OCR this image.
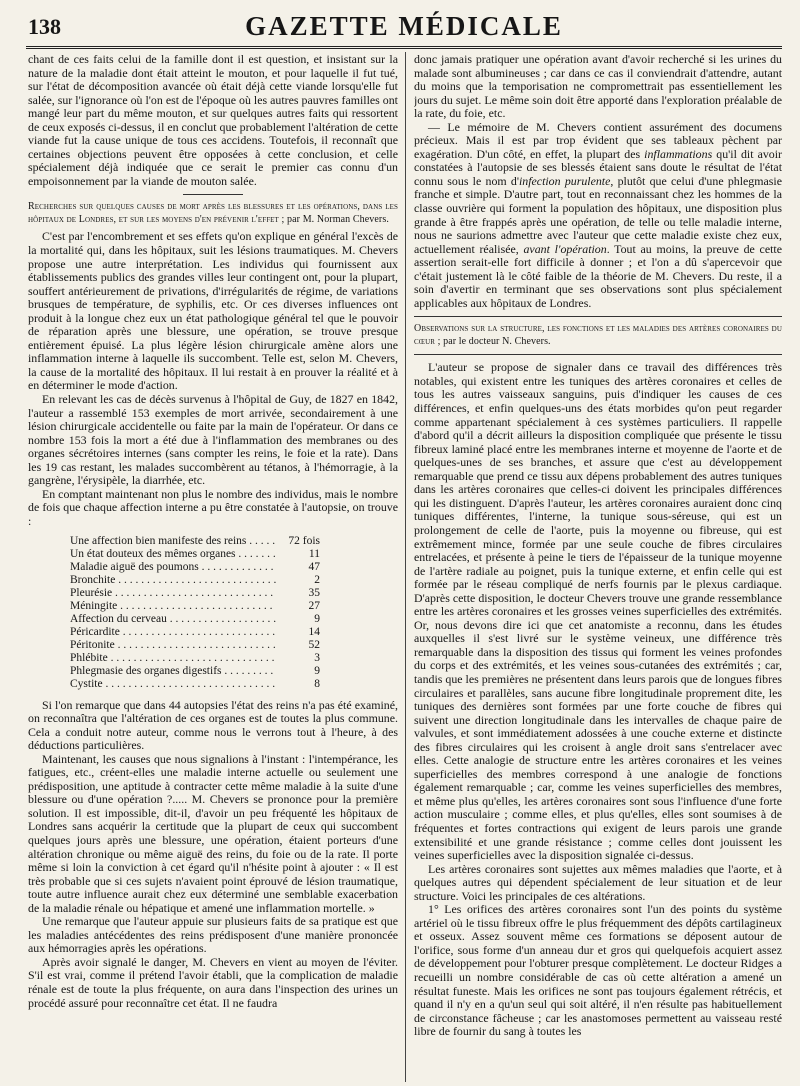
138	GAZETTE MÉDICALE

chant de ces faits celui de la famille dont il est question, et insistant sur la nature de la maladie dont était atteint le mouton, et pour laquelle il fut tué, sur l'état de décomposition avancée où était déjà cette viande lorsqu'elle fut salée, sur l'ignorance où l'on est de l'époque où les autres pauvres familles ont mangé leur part du même mouton, et sur quelques autres faits qui ressortent de ceux exposés ci-dessus, il en conclut que probablement l'altération de cette viande fut la cause unique de tous ces accidens. Toutefois, il reconnaît que certaines objections peuvent être opposées à cette conclusion, et celle spécialement déjà indiquée que ce serait le premier cas connu d'un empoisonnement par la viande de mouton salée.

Recherches sur quelques causes de mort après les blessures et les opérations, dans les hôpitaux de Londres, et sur les moyens d'en prévenir l'effet ; par M. Norman Chevers.

C'est par l'encombrement et ses effets qu'on explique en général l'excès de la mortalité qui, dans les hôpitaux, suit les lésions traumatiques. M. Chevers propose une autre interprétation. Les individus qui fournissent aux établissements publics des grandes villes leur contingent ont, pour la plupart, souffert antérieurement de privations, d'irrégularités de régime, de variations brusques de température, de syphilis, etc. Or ces diverses influences ont produit à la longue chez eux un état pathologique général tel que le pouvoir de réparation après une blessure, une opération, se trouve presque entièrement épuisé. La plus légère lésion chirurgicale amène alors une inflammation interne à laquelle ils succombent. Telle est, selon M. Chevers, la cause de la mortalité des hôpitaux. Il lui restait à en prouver la réalité et à en déterminer le mode d'action.

En relevant les cas de décès survenus à l'hôpital de Guy, de 1827 en 1842, l'auteur a rassemblé 153 exemples de mort arrivée, secondairement à une lésion chirurgicale accidentelle ou faite par la main de l'opérateur. Or dans ce nombre 153 fois la mort a été due à l'inflammation des membranes ou des organes sécrétoires internes (sans compter les reins, le foie et la rate). Dans les 19 cas restant, les malades succombèrent au tétanos, à l'hémorragie, à la gangrène, l'érysipèle, la diarrhée, etc.

En comptant maintenant non plus le nombre des individus, mais le nombre de fois que chaque affection interne a pu être constatée à l'autopsie, on trouve :

Une affection bien manifeste des reins . . .	72 fois
Un état douteux des mêmes organes . . .	11
Maladie aiguë des poumons . . .	47
Bronchite . . .	2
Pleurésie . . .	35
Méningite . . .	27
Affection du cerveau . . .	9
Péricardite . . .	14
Péritonite . . .	52
Phlébite . . .	3
Phlegmasie des organes digestifs . . .	9
Cystite . . .	8

Si l'on remarque que dans 44 autopsies l'état des reins n'a pas été examiné, on reconnaîtra que l'altération de ces organes est de toutes la plus commune. Cela a conduit notre auteur, comme nous le verrons tout à l'heure, à des déductions particulières.

Maintenant, les causes que nous signalions à l'instant : l'intempérance, les fatigues, etc., créent-elles une maladie interne actuelle ou seulement une prédisposition, une aptitude à contracter cette même maladie à la suite d'une blessure ou d'une opération ?..... M. Chevers se prononce pour la première solution. Il est impossible, dit-il, d'avoir un peu fréquenté les hôpitaux de Londres sans acquérir la certitude que la plupart de ceux qui succombent quelques jours après une blessure, une opération, étaient porteurs d'une altération chronique ou même aiguë des reins, du foie ou de la rate. Il porte même si loin la conviction à cet égard qu'il n'hésite point à ajouter : « Il est très probable que si ces sujets n'avaient point éprouvé de lésion traumatique, toute autre influence aurait chez eux déterminé une semblable exacerbation de la maladie rénale ou hépatique et amené une inflammation mortelle. »

Une remarque que l'auteur appuie sur plusieurs faits de sa pratique est que les maladies antécédentes des reins prédisposent d'une manière prononcée aux hémorragies après les opérations.

Après avoir signalé le danger, M. Chevers en vient au moyen de l'éviter. S'il est vrai, comme il prétend l'avoir établi, que la complication de maladie rénale est de toute la plus fréquente, on aura dans l'inspection des urines un procédé assuré pour reconnaître cet état. Il ne faudra

donc jamais pratiquer une opération avant d'avoir recherché si les urines du malade sont albumineuses ; car dans ce cas il conviendrait d'attendre, autant du moins que la temporisation ne compromettrait pas essentiellement les jours du sujet. Le même soin doit être apporté dans l'exploration préalable de la rate, du foie, etc.

— Le mémoire de M. Chevers contient assurément des documens précieux. Mais il est par trop évident que ses tableaux pèchent par exagération. D'un côté, en effet, la plupart des inflammations qu'il dit avoir constatées à l'autopsie de ses blessés étaient sans doute le résultat de l'état connu sous le nom d'infection purulente, plutôt que celui d'une phlegmasie franche et simple. D'autre part, tout en reconnaissant chez les hommes de la classe ouvrière qui forment la population des hôpitaux, une disposition plus grande à être frappés après une opération, de telle ou telle maladie interne, nous ne saurions admettre avec l'auteur que cette maladie existe chez eux, actuellement réalisée, avant l'opération. Tout au moins, la preuve de cette assertion serait-elle fort difficile à donner ; et l'on a dû s'apercevoir que c'était justement là le côté faible de la théorie de M. Chevers. Du reste, il a soin d'avertir en terminant que ses observations sont plus spécialement applicables aux hôpitaux de Londres.

Observations sur la structure, les fonctions et les maladies des artères coronaires du cœur ; par le docteur N. Chevers.

L'auteur se propose de signaler dans ce travail des différences très notables, qui existent entre les tuniques des artères coronaires et celles de tous les autres vaisseaux sanguins, puis d'indiquer les causes de ces différences, et enfin quelques-uns des états morbides qu'on peut regarder comme appartenant spécialement à ces systèmes particuliers. Il rappelle d'abord qu'il a décrit ailleurs la disposition compliquée que présente le tissu fibreux laminé placé entre les membranes interne et moyenne de l'aorte et de quelques-unes de ses branches, et assure que c'est au développement remarquable que prend ce tissu aux dépens probablement des autres tuniques dans les artères coronaires que celles-ci doivent les principales différences qui les distinguent. D'après l'auteur, les artères coronaires auraient donc cinq tuniques différentes, l'interne, la tunique sous-séreuse, qui est un prolongement de celle de l'aorte, puis la moyenne ou fibreuse, qui est extrêmement mince, formée par une seule couche de fibres circulaires entrelacées, et présente à peine le tiers de l'épaisseur de la tunique moyenne de l'artère radiale au poignet, puis la tunique externe, et enfin celle qui est formée par le réseau compliqué de nerfs fournis par le plexus cardiaque. D'après cette disposition, le docteur Chevers trouve une grande ressemblance entre les artères coronaires et les grosses veines superficielles des extrémités. Or, nous devons dire ici que cet anatomiste a reconnu, dans les études auxquelles il s'est livré sur le système veineux, une différence très remarquable dans la disposition des tissus qui forment les veines profondes du corps et des extrémités, et les veines sous-cutanées des extrémités ; car, tandis que les premières ne présentent dans leurs parois que de longues fibres circulaires et parallèles, sans aucune fibre longitudinale proprement dite, les tuniques des dernières sont formées par une forte couche de fibres qui suivent une direction longitudinale dans les intervalles de chaque paire de valvules, et sont immédiatement adossées à une couche externe et distincte des fibres circulaires qui les croisent à angle droit sans s'entrelacer avec elles. Cette analogie de structure entre les artères coronaires et les veines superficielles des membres correspond à une analogie de fonctions également remarquable ; car, comme les veines superficielles des membres, et même plus qu'elles, les artères coronaires sont sous l'influence d'une forte action musculaire ; comme elles, et plus qu'elles, elles sont soumises à de fréquentes et fortes contractions qui exigent de leurs parois une grande extensibilité et une grande résistance ; comme celles dont jouissent les veines superficielles avec la disposition signalée ci-dessus.

Les artères coronaires sont sujettes aux mêmes maladies que l'aorte, et à quelques autres qui dépendent spécialement de leur situation et de leur structure. Voici les principales de ces altérations.

1° Les orifices des artères coronaires sont l'un des points du système artériel où le tissu fibreux offre le plus fréquemment des dépôts cartilagineux et osseux. Assez souvent même ces formations se déposent autour de l'orifice, sous forme d'un anneau dur et gros qui quelquefois acquiert assez de développement pour l'obturer presque complètement. Le docteur Ridges a recueilli un nombre considérable de cas où cette altération a amené un résultat funeste. Mais les orifices ne sont pas toujours également rétrécis, et quand il n'y en a qu'un seul qui soit altéré, il n'en résulte pas habituellement de circonstance fâcheuse ; car les anastomoses permettent au vaisseau resté libre de fournir du sang à toutes les
